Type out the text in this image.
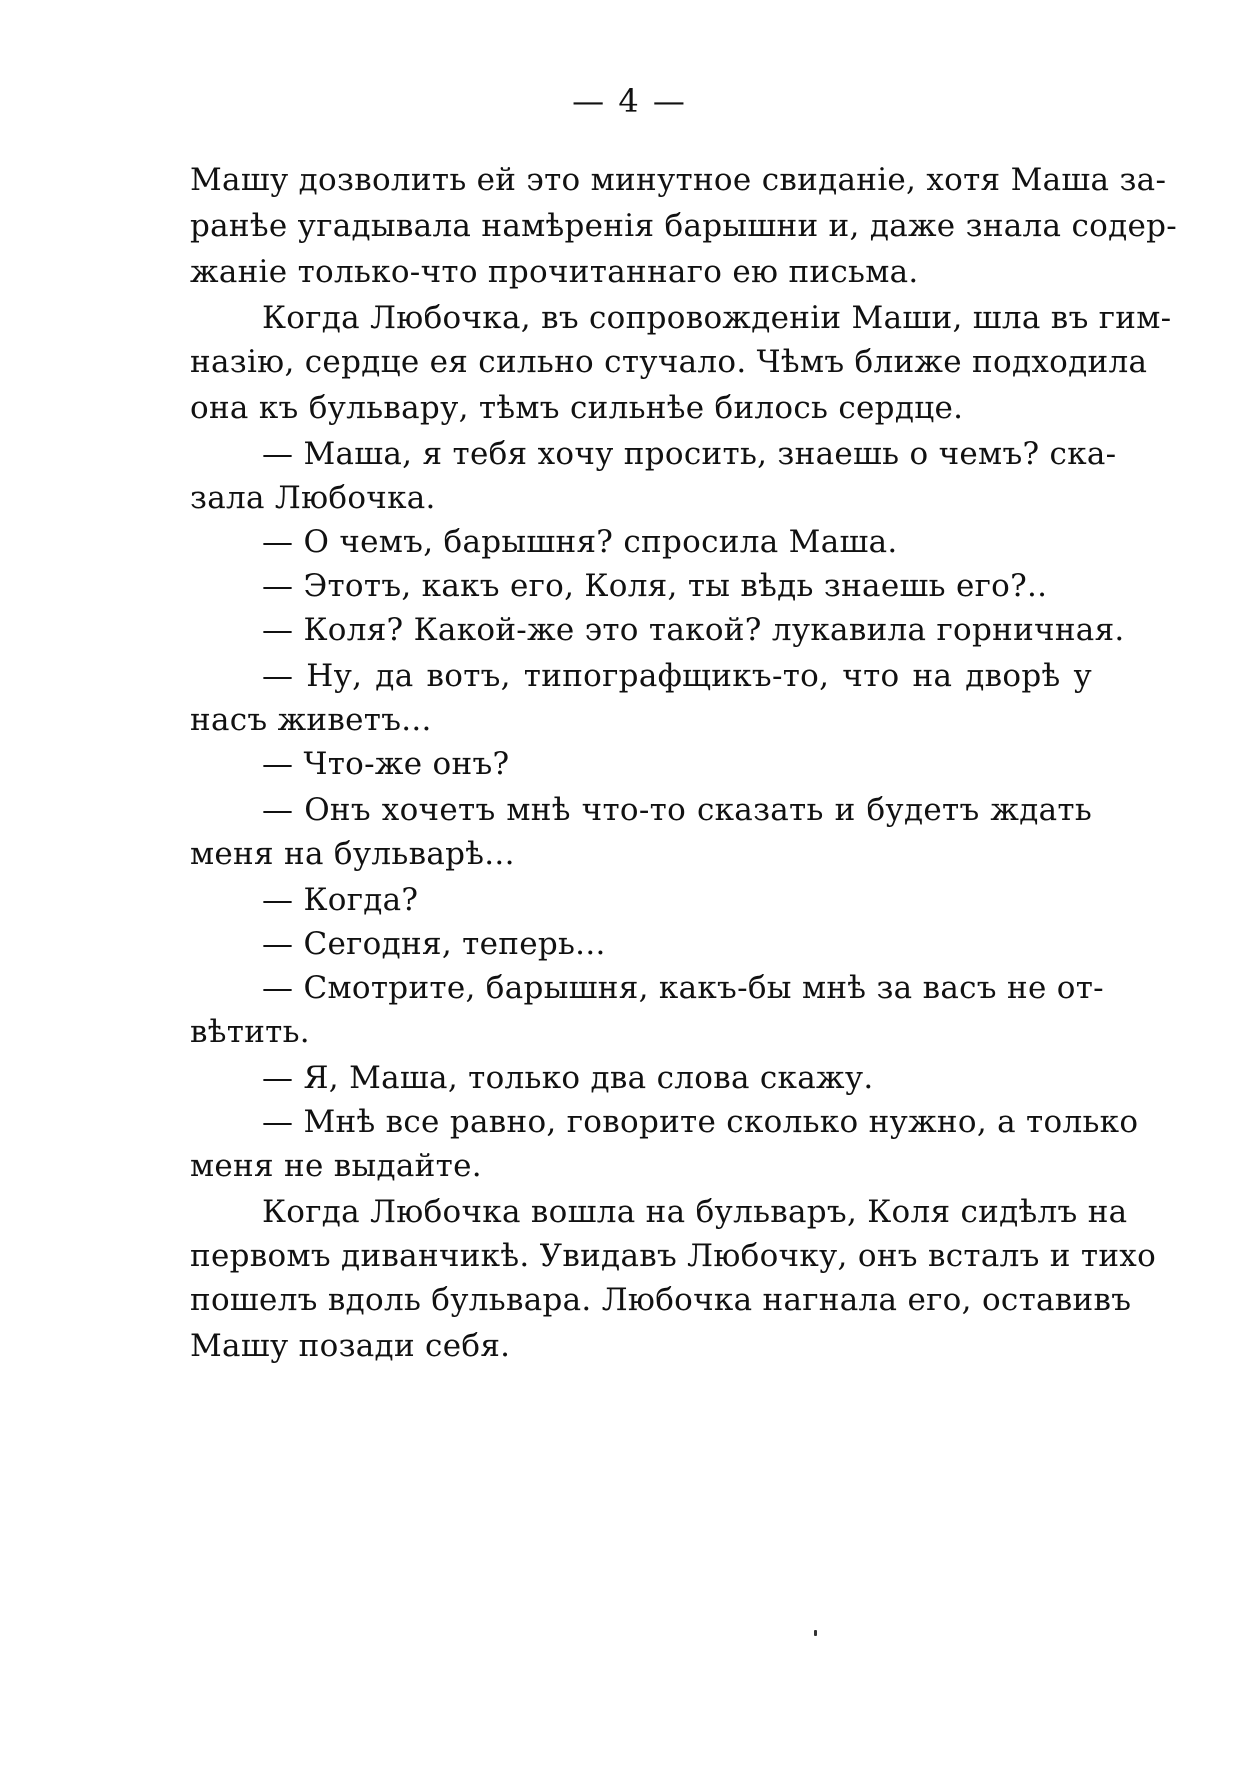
— 4 —
Машу дозволить ей это минутное свиданіе, хотя Маша за-
ранѣе угадывала намѣренія барышни и, даже знала содер-
жаніе только-что прочитаннаго ею письма.
Когда Любочка, въ сопровожденіи Маши, шла въ гим-
назію, сердце ея сильно стучало. Чѣмъ ближе подходила
она къ бульвару, тѣмъ сильнѣе билось сердце.
— Маша, я тебя хочу просить, знаешь о чемъ? ска-
зала Любочка.
— О чемъ, барышня? спросила Маша.
— Этотъ, какъ его, Коля, ты вѣдь знаешь его?..
— Коля? Какой-же это такой? лукавила горничная.
— Ну, да вотъ, типографщикъ-то, что на дворѣ у
насъ живетъ...
— Что-же онъ?
— Онъ хочетъ мнѣ что-то сказать и будетъ ждать
меня на бульварѣ...
— Когда?
— Сегодня, теперь...
— Смотрите, барышня, какъ-бы мнѣ за васъ не от-
вѣтить.
— Я, Маша, только два слова скажу.
— Мнѣ все равно, говорите сколько нужно, а только
меня не выдайте.
Когда Любочка вошла на бульваръ, Коля сидѣлъ на
первомъ диванчикѣ. Увидавъ Любочку, онъ всталъ и тихо
пошелъ вдоль бульвара. Любочка нагнала его, оставивъ
Машу позади себя.
